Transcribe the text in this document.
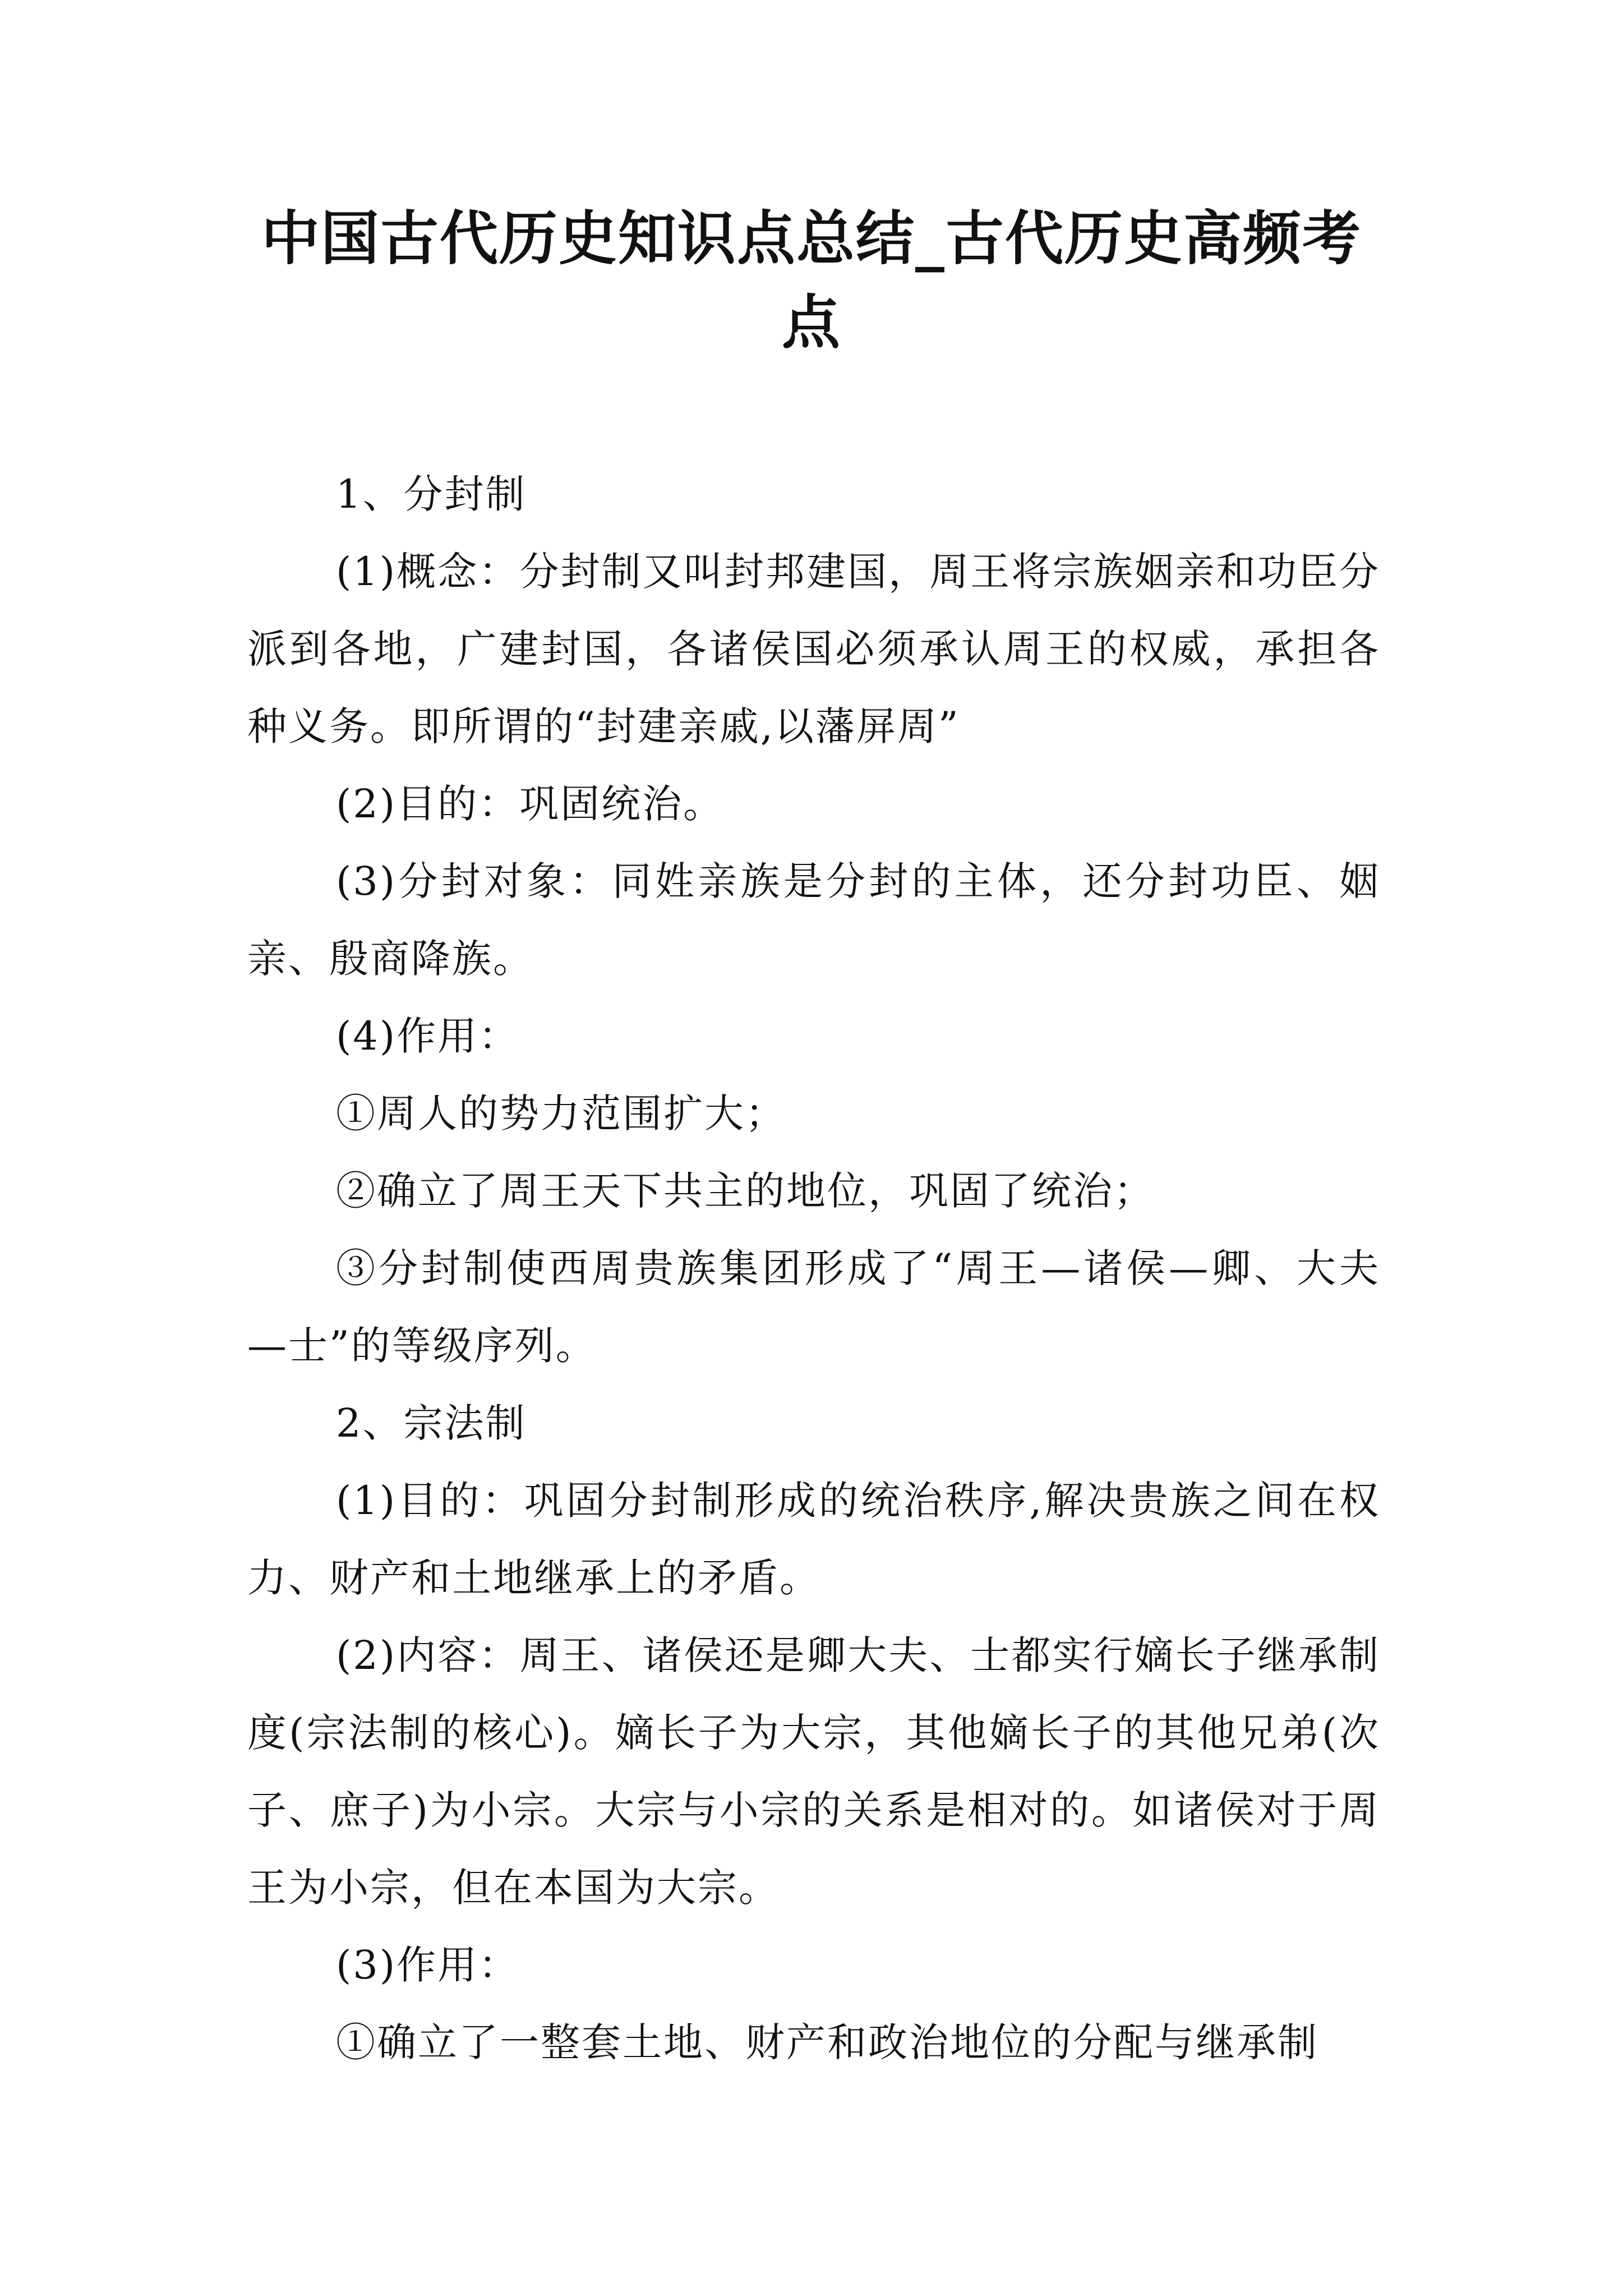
中国古代历史知识点总结_古代历史高频考点

1、分封制

(1)概念：分封制又叫封邦建国，周王将宗族姻亲和功臣分派到各地，广建封国，各诸侯国必须承认周王的权威，承担各种义务。即所谓的“封建亲戚,以藩屏周”

(2)目的：巩固统治。

(3)分封对象：同姓亲族是分封的主体，还分封功臣、姻亲、殷商降族。

(4)作用：

①周人的势力范围扩大；

②确立了周王天下共主的地位，巩固了统治；

③分封制使西周贵族集团形成了“周王—诸侯—卿、大夫—士”的等级序列。

2、宗法制

(1)目的：巩固分封制形成的统治秩序,解决贵族之间在权力、财产和土地继承上的矛盾。

(2)内容：周王、诸侯还是卿大夫、士都实行嫡长子继承制度(宗法制的核心)。嫡长子为大宗，其他嫡长子的其他兄弟(次子、庶子)为小宗。大宗与小宗的关系是相对的。如诸侯对于周王为小宗，但在本国为大宗。

(3)作用：

①确立了一整套土地、财产和政治地位的分配与继承制
